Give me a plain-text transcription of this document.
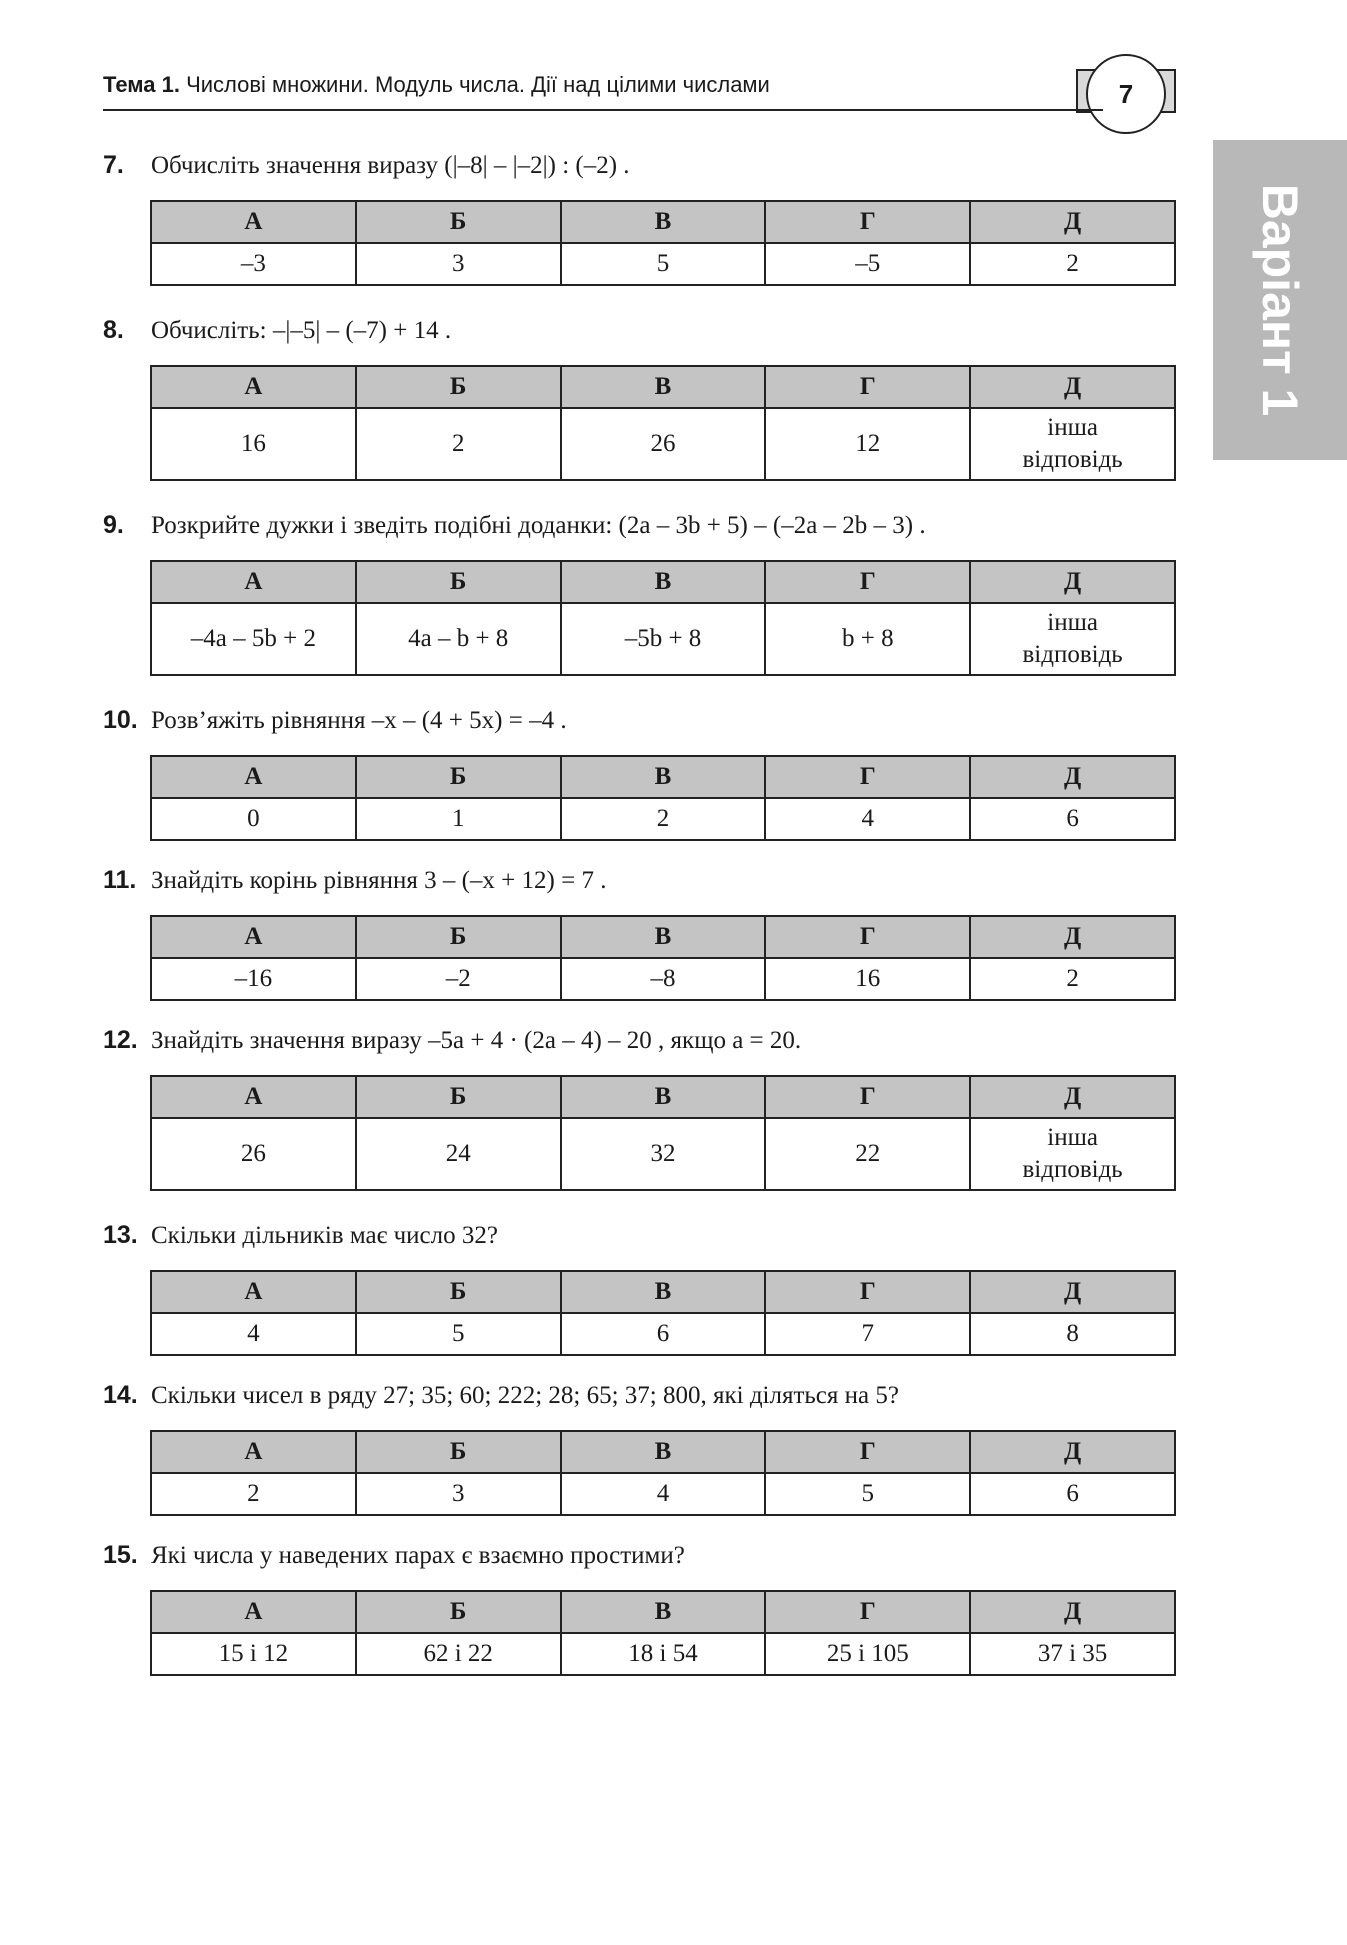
7
Тема 1. Числові множини. Модуль числа. Дії над цілими числами
Варіант 1
7. Обчисліть значення виразу (|–8| – |–2|) : (–2) .
А	Б	В	Г	Д
–3	3	5	–5	2
8. Обчисліть: –|–5| – (–7) + 14 .
А	Б	В	Г	Д
16	2	26	12	інша відповідь
9. Розкрийте дужки і зведіть подібні доданки: (2a – 3b + 5) – (–2a – 2b – 3) .
А	Б	В	Г	Д
–4a – 5b + 2	4a – b + 8	–5b + 8	b + 8	інша відповідь
10. Розв’яжіть рівняння –x – (4 + 5x) = –4 .
А	Б	В	Г	Д
0	1	2	4	6
11. Знайдіть корінь рівняння 3 – (–x + 12) = 7 .
А	Б	В	Г	Д
–16	–2	–8	16	2
12. Знайдіть значення виразу –5a + 4 · (2a – 4) – 20 , якщо a = 20.
А	Б	В	Г	Д
26	24	32	22	інша відповідь
13. Скільки дільників має число 32?
А	Б	В	Г	Д
4	5	6	7	8
14. Скільки чисел в ряду 27; 35; 60; 222; 28; 65; 37; 800, які діляться на 5?
А	Б	В	Г	Д
2	3	4	5	6
15. Які числа у наведених парах є взаємно простими?
А	Б	В	Г	Д
15 і 12	62 і 22	18 і 54	25 і 105	37 і 35
